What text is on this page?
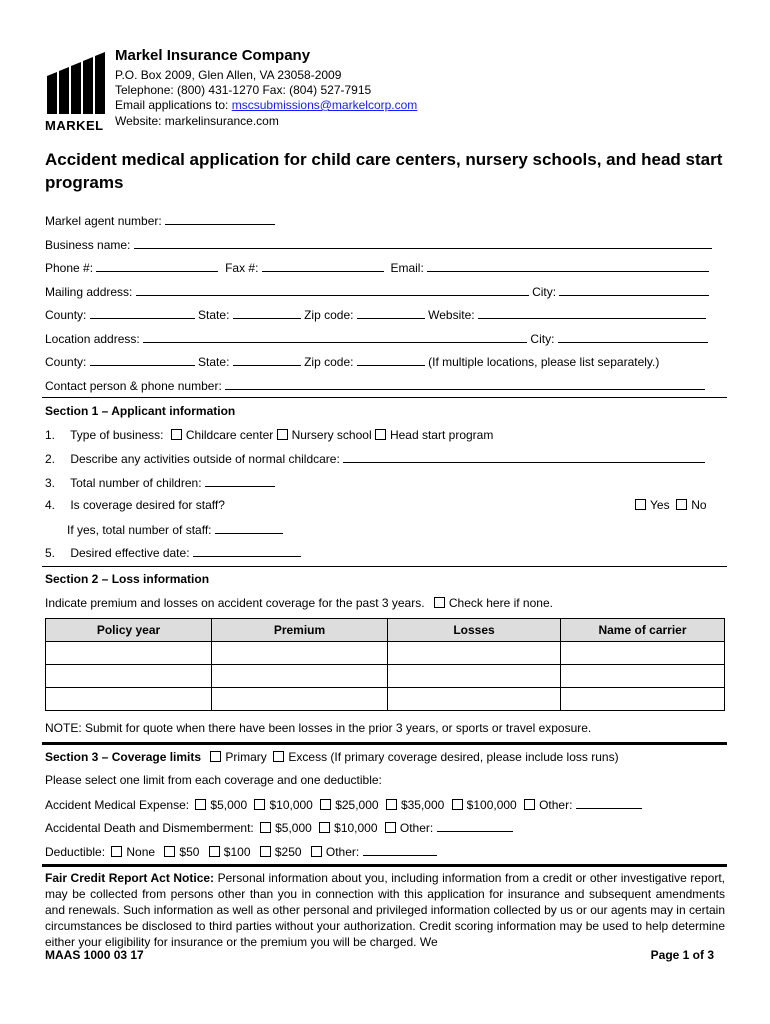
MARKEL
Markel Insurance Company
P.O. Box 2009, Glen Allen, VA 23058-2009
Telephone: (800) 431-1270 Fax: (804) 527-7915
Email applications to: mscsubmissions@markelcorp.com
Website: markelinsurance.com
Accident medical application for child care centers, nursery schools, and head start programs
Markel agent number:
Business name:
Phone #:	Fax #:	Email:
Mailing address:	City:
County:	State:	Zip code:	Website:
Location address:	City:
County:	State:	Zip code:	(If multiple locations, please list separately.)
Contact person & phone number:
Section 1 – Applicant information
1. Type of business: Childcare center Nursery school Head start program
2. Describe any activities outside of normal childcare:
3. Total number of children:
4. Is coverage desired for staff?	Yes No
If yes, total number of staff:
5. Desired effective date:
Section 2 – Loss information
Indicate premium and losses on accident coverage for the past 3 years. Check here if none.
Policy year	Premium	Losses	Name of carrier

NOTE: Submit for quote when there have been losses in the prior 3 years, or sports or travel exposure.
Section 3 – Coverage limits Primary Excess (If primary coverage desired, please include loss runs)
Please select one limit from each coverage and one deductible:
Accident Medical Expense: $5,000 $10,000 $25,000 $35,000 $100,000 Other:
Accidental Death and Dismemberment: $5,000 $10,000 Other:
Deductible: None $50 $100 $250 Other:
Fair Credit Report Act Notice: Personal information about you, including information from a credit or other investigative report, may be collected from persons other than you in connection with this application for insurance and subsequent amendments and renewals. Such information as well as other personal and privileged information collected by us or our agents may in certain circumstances be disclosed to third parties without your authorization. Credit scoring information may be used to help determine either your eligibility for insurance or the premium you will be charged. We
MAAS 1000 03 17	Page 1 of 3
